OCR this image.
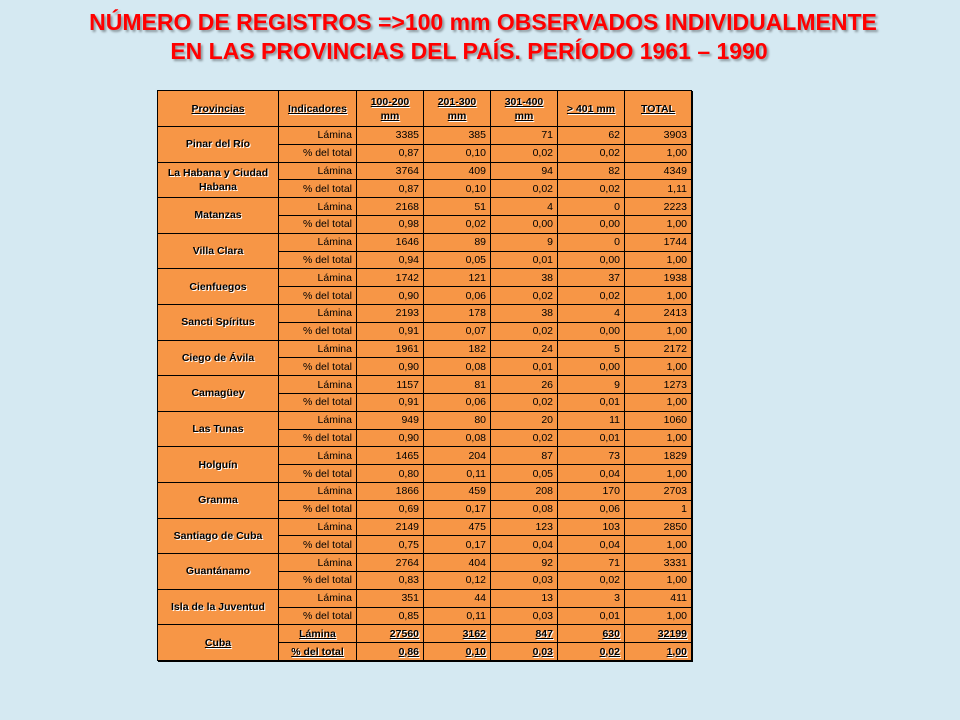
NÚMERO DE REGISTROS =>100 mm OBSERVADOS INDIVIDUALMENTE
EN LAS PROVINCIAS DEL PAÍS. PERÍODO 1961 – 1990
Provincias	Indicadores	100-200 mm	201-300 mm	301-400 mm	> 401 mm	TOTAL
Pinar del Río	Lámina	3385	385	71	62	3903
	% del total	0,87	0,10	0,02	0,02	1,00
La Habana y Ciudad Habana	Lámina	3764	409	94	82	4349
	% del total	0,87	0,10	0,02	0,02	1,11
Matanzas	Lámina	2168	51	4	0	2223
	% del total	0,98	0,02	0,00	0,00	1,00
Villa Clara	Lámina	1646	89	9	0	1744
	% del total	0,94	0,05	0,01	0,00	1,00
Cienfuegos	Lámina	1742	121	38	37	1938
	% del total	0,90	0,06	0,02	0,02	1,00
Sancti Spíritus	Lámina	2193	178	38	4	2413
	% del total	0,91	0,07	0,02	0,00	1,00
Ciego de Ávila	Lámina	1961	182	24	5	2172
	% del total	0,90	0,08	0,01	0,00	1,00
Camagüey	Lámina	1157	81	26	9	1273
	% del total	0,91	0,06	0,02	0,01	1,00
Las Tunas	Lámina	949	80	20	11	1060
	% del total	0,90	0,08	0,02	0,01	1,00
Holguín	Lámina	1465	204	87	73	1829
	% del total	0,80	0,11	0,05	0,04	1,00
Granma	Lámina	1866	459	208	170	2703
	% del total	0,69	0,17	0,08	0,06	1
Santiago de Cuba	Lámina	2149	475	123	103	2850
	% del total	0,75	0,17	0,04	0,04	1,00
Guantánamo	Lámina	2764	404	92	71	3331
	% del total	0,83	0,12	0,03	0,02	1,00
Isla de la Juventud	Lámina	351	44	13	3	411
	% del total	0,85	0,11	0,03	0,01	1,00
Cuba	Lámina	27560	3162	847	630	32199
	% del total	0,86	0,10	0,03	0,02	1,00
